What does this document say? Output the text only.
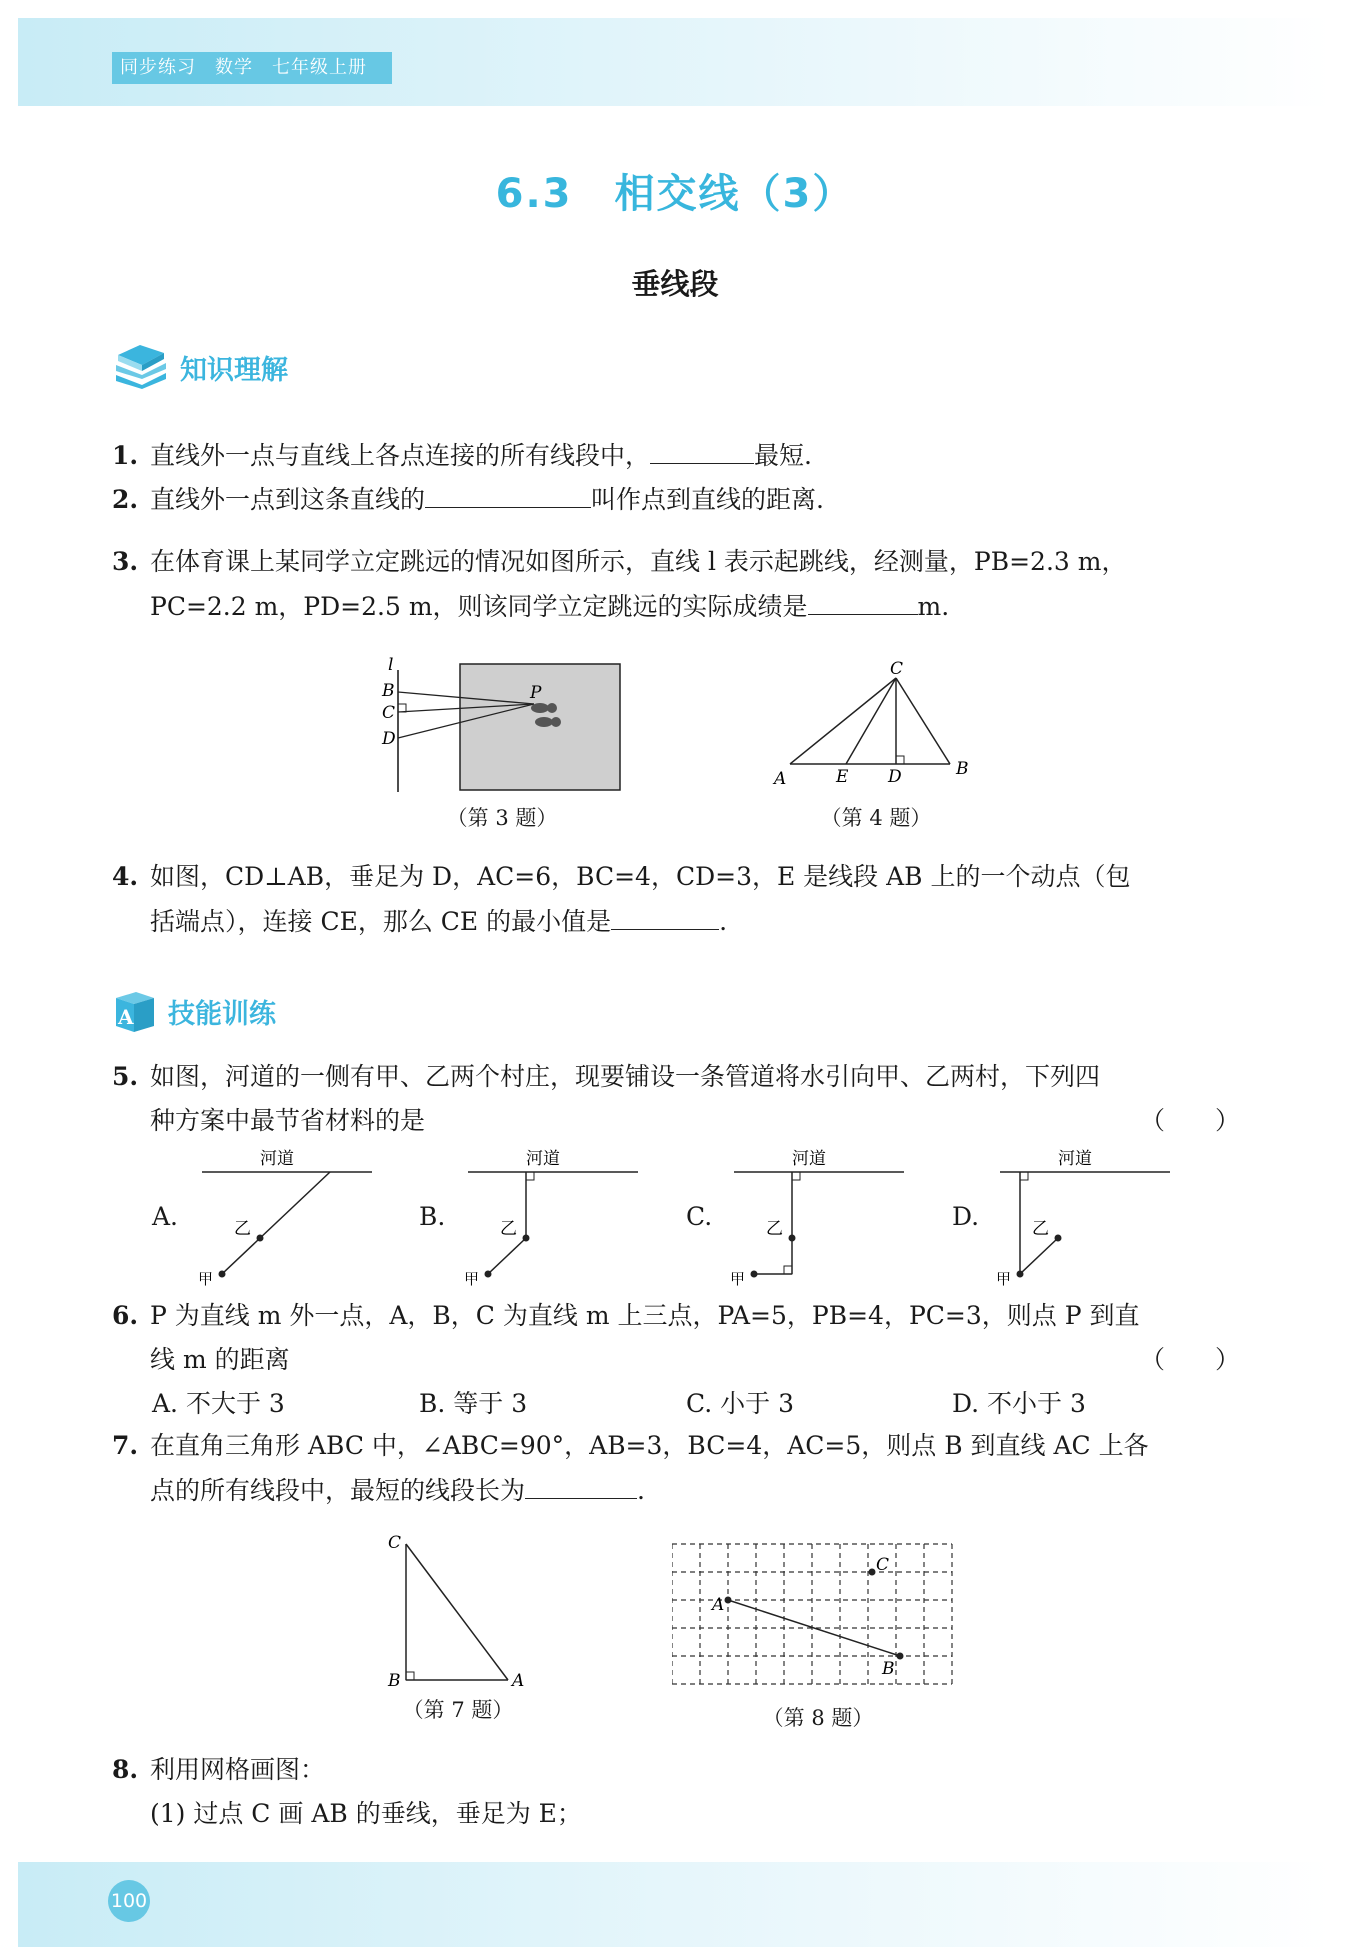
同步练习　数学　七年级上册
6.3　相交线（3）
垂线段
知识理解
1. 直线外一点与直线上各点连接的所有线段中，	最短.
2. 直线外一点到这条直线的	叫作点到直线的距离.
3. 在体育课上某同学立定跳远的情况如图所示，直线 l 表示起跳线，经测量，PB=2.3 m，
PC=2.2 m，PD=2.5 m，则该同学立定跳远的实际成绩是	m.
l
B
C
D
P
（第 3 题）
C
A	E D	B
（第 4 题）
4. 如图，CD⊥AB，垂足为 D，AC=6，BC=4，CD=3，E 是线段 AB 上的一个动点（包
括端点），连接 CE，那么 CE 的最小值是	.
A 技能训练
5. 如图，河道的一侧有甲、乙两个村庄，现要铺设一条管道将水引向甲、乙两村，下列四
种方案中最节省材料的是	（　　）
A.
河道
乙
甲
B.
河道
乙
甲
C.
河道
乙
甲
D.
河道
乙
甲
6. P 为直线 m 外一点，A，B，C 为直线 m 上三点，PA=5，PB=4，PC=3，则点 P 到直
线 m 的距离	（　　）
A. 不大于 3	B. 等于 3	C. 小于 3	D. 不小于 3
7. 在直角三角形 ABC 中，∠ABC=90°，AB=3，BC=4，AC=5，则点 B 到直线 AC 上各
点的所有线段中，最短的线段长为	.
C
B	A
（第 7 题）
C
A
B
（第 8 题）
8. 利用网格画图：
(1) 过点 C 画 AB 的垂线，垂足为 E；
100
